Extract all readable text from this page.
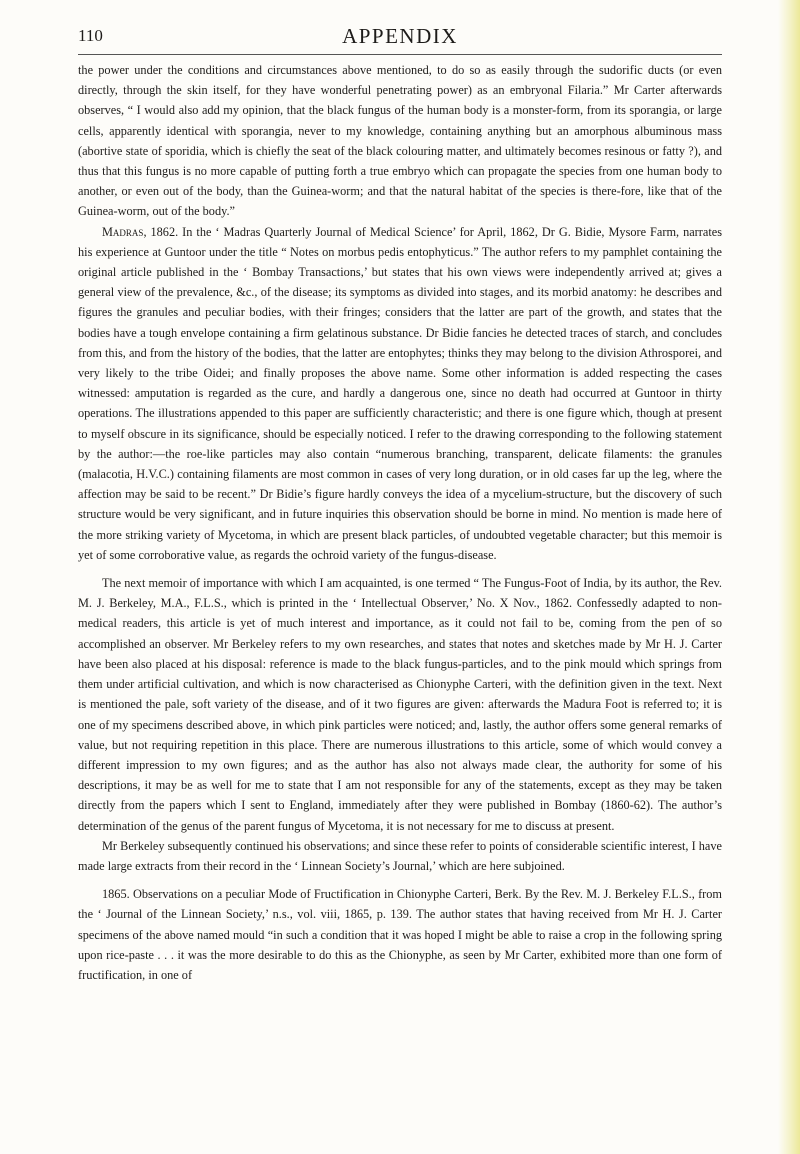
110	APPENDIX

the power under the conditions and circumstances above mentioned, to do so as easily through the sudorific ducts (or even directly, through the skin itself, for they have wonderful penetrating power) as an embryonal Filaria.” Mr Carter afterwards observes, “ I would also add my opinion, that the black fungus of the human body is a monster-form, from its sporangia, or large cells, apparently identical with sporangia, never to my knowledge, containing anything but an amorphous albuminous mass (abortive state of sporidia, which is chiefly the seat of the black colouring matter, and ultimately becomes resinous or fatty ?), and thus that this fungus is no more capable of putting forth a true embryo which can propagate the species from one human body to another, or even out of the body, than the Guinea-worm; and that the natural habitat of the species is there-fore, like that of the Guinea-worm, out of the body.”

Madras, 1862. In the ‘ Madras Quarterly Journal of Medical Science’ for April, 1862, Dr G. Bidie, Mysore Farm, narrates his experience at Guntoor under the title “ Notes on morbus pedis entophyticus.” The author refers to my pamphlet containing the original article published in the ‘ Bombay Transactions,’ but states that his own views were independently arrived at; gives a general view of the prevalence, &c., of the disease; its symptoms as divided into stages, and its morbid anatomy: he describes and figures the granules and peculiar bodies, with their fringes; considers that the latter are part of the growth, and states that the bodies have a tough envelope containing a firm gelatinous substance. Dr Bidie fancies he detected traces of starch, and concludes from this, and from the history of the bodies, that the latter are entophytes; thinks they may belong to the division Athrosporei, and very likely to the tribe Oidei; and finally proposes the above name. Some other information is added respecting the cases witnessed: amputation is regarded as the cure, and hardly a dangerous one, since no death had occurred at Guntoor in thirty operations. The illustrations appended to this paper are sufficiently characteristic; and there is one figure which, though at present to myself obscure in its significance, should be especially noticed. I refer to the drawing corresponding to the following statement by the author:—the roe-like particles may also contain “numerous branching, transparent, delicate filaments: the granules (malacotia, H.V.C.) containing filaments are most common in cases of very long duration, or in old cases far up the leg, where the affection may be said to be recent.” Dr Bidie’s figure hardly conveys the idea of a mycelium-structure, but the discovery of such structure would be very significant, and in future inquiries this observation should be borne in mind. No mention is made here of the more striking variety of Mycetoma, in which are present black particles, of undoubted vegetable character; but this memoir is yet of some corroborative value, as regards the ochroid variety of the fungus-disease.

The next memoir of importance with which I am acquainted, is one termed “ The Fungus-Foot of India, by its author, the Rev. M. J. Berkeley, M.A., F.L.S., which is printed in the ‘ Intellectual Observer,’ No. X Nov., 1862. Confessedly adapted to non-medical readers, this article is yet of much interest and importance, as it could not fail to be, coming from the pen of so accomplished an observer. Mr Berkeley refers to my own researches, and states that notes and sketches made by Mr H. J. Carter have been also placed at his disposal: reference is made to the black fungus-particles, and to the pink mould which springs from them under artificial cultivation, and which is now characterised as Chionyphe Carteri, with the definition given in the text. Next is mentioned the pale, soft variety of the disease, and of it two figures are given: afterwards the Madura Foot is referred to; it is one of my specimens described above, in which pink particles were noticed; and, lastly, the author offers some general remarks of value, but not requiring repetition in this place. There are numerous illustrations to this article, some of which would convey a different impression to my own figures; and as the author has also not always made clear, the authority for some of his descriptions, it may be as well for me to state that I am not responsible for any of the statements, except as they may be taken directly from the papers which I sent to England, immediately after they were published in Bombay (1860-62). The author’s determination of the genus of the parent fungus of Mycetoma, it is not necessary for me to discuss at present.

Mr Berkeley subsequently continued his observations; and since these refer to points of considerable scientific interest, I have made large extracts from their record in the ‘ Linnean Society’s Journal,’ which are here subjoined.

1865. Observations on a peculiar Mode of Fructification in Chionyphe Carteri, Berk. By the Rev. M. J. Berkeley F.L.S., from the ‘ Journal of the Linnean Society,’ n.s., vol. viii, 1865, p. 139. The author states that having received from Mr H. J. Carter specimens of the above named mould “in such a condition that it was hoped I might be able to raise a crop in the following spring upon rice-paste . . . it was the more desirable to do this as the Chionyphe, as seen by Mr Carter, exhibited more than one form of fructification, in one of
